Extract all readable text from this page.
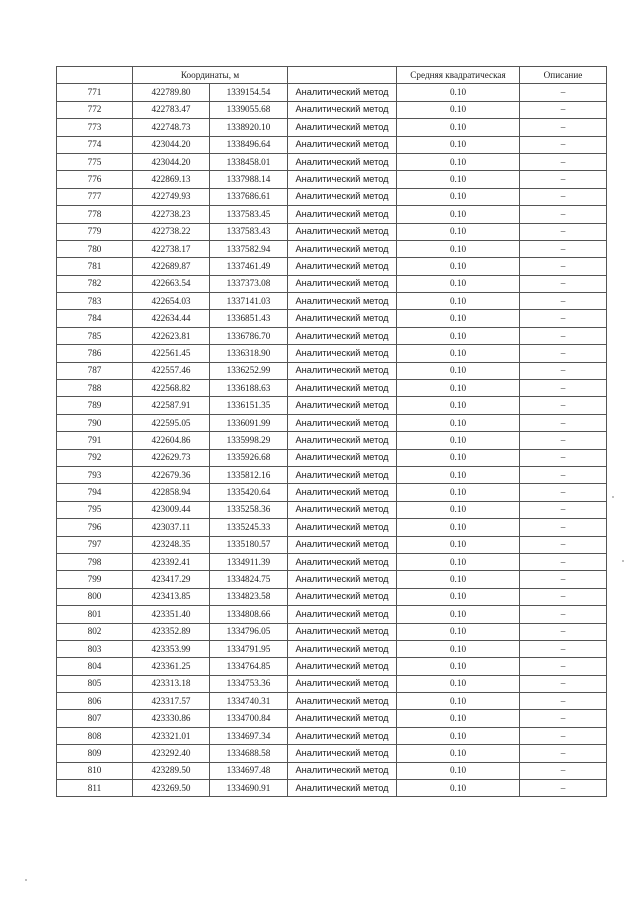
	Координаты, м			Средняя квадратическая	Описание
771	422789.80	1339154.54	Аналитический метод	0.10	–
772	422783.47	1339055.68	Аналитический метод	0.10	–
773	422748.73	1338920.10	Аналитический метод	0.10	–
774	423044.20	1338496.64	Аналитический метод	0.10	–
775	423044.20	1338458.01	Аналитический метод	0.10	–
776	422869.13	1337988.14	Аналитический метод	0.10	–
777	422749.93	1337686.61	Аналитический метод	0.10	–
778	422738.23	1337583.45	Аналитический метод	0.10	–
779	422738.22	1337583.43	Аналитический метод	0.10	–
780	422738.17	1337582.94	Аналитический метод	0.10	–
781	422689.87	1337461.49	Аналитический метод	0.10	–
782	422663.54	1337373.08	Аналитический метод	0.10	–
783	422654.03	1337141.03	Аналитический метод	0.10	–
784	422634.44	1336851.43	Аналитический метод	0.10	–
785	422623.81	1336786.70	Аналитический метод	0.10	–
786	422561.45	1336318.90	Аналитический метод	0.10	–
787	422557.46	1336252.99	Аналитический метод	0.10	–
788	422568.82	1336188.63	Аналитический метод	0.10	–
789	422587.91	1336151.35	Аналитический метод	0.10	–
790	422595.05	1336091.99	Аналитический метод	0.10	–
791	422604.86	1335998.29	Аналитический метод	0.10	–
792	422629.73	1335926.68	Аналитический метод	0.10	–
793	422679.36	1335812.16	Аналитический метод	0.10	–
794	422858.94	1335420.64	Аналитический метод	0.10	–
795	423009.44	1335258.36	Аналитический метод	0.10	–
796	423037.11	1335245.33	Аналитический метод	0.10	–
797	423248.35	1335180.57	Аналитический метод	0.10	–
798	423392.41	1334911.39	Аналитический метод	0.10	–
799	423417.29	1334824.75	Аналитический метод	0.10	–
800	423413.85	1334823.58	Аналитический метод	0.10	–
801	423351.40	1334808.66	Аналитический метод	0.10	–
802	423352.89	1334796.05	Аналитический метод	0.10	–
803	423353.99	1334791.95	Аналитический метод	0.10	–
804	423361.25	1334764.85	Аналитический метод	0.10	–
805	423313.18	1334753.36	Аналитический метод	0.10	–
806	423317.57	1334740.31	Аналитический метод	0.10	–
807	423330.86	1334700.84	Аналитический метод	0.10	–
808	423321.01	1334697.34	Аналитический метод	0.10	–
809	423292.40	1334688.58	Аналитический метод	0.10	–
810	423289.50	1334697.48	Аналитический метод	0.10	–
811	423269.50	1334690.91	Аналитический метод	0.10	–
